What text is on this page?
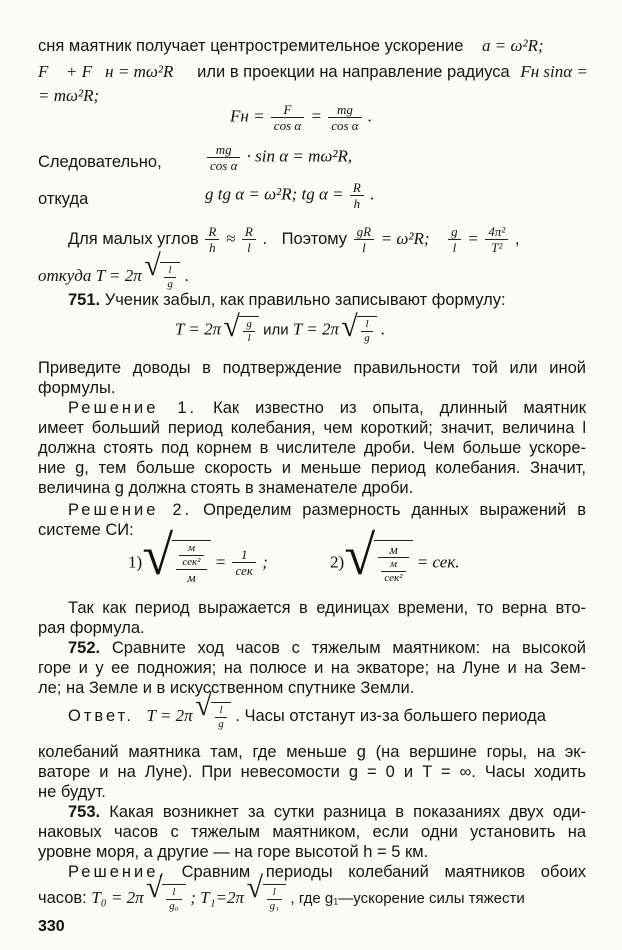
сня маятник получает центростремительное ускорение a = ω²R;
F⃗ + F⃗н = mω²R⃗ или в проекции на направление радиуса Fн sinα =
= mω²R;
Fн = $\frac{F}{\text{cos α}} = \frac{mg}{\text{cos α}}$ .
Следовательно,	$\frac{mg}{\text{cos α}} \cdot \sin \alpha = m\omega^2R$,
откуда	g tg α = ω²R; tg $\alpha = \frac{R}{h}$ .
Для малых углов $\frac{R}{h} \approx \frac{R}{l}$ . Поэтому $\frac{gR}{l} = \omega^2R$; $\frac{g}{l} = \frac{\text{4π²}}{\text{T²}}$ ,
откуда T = 2π √ $\frac{l}{g}$ .
751. Ученик забыл, как правильно записывают формулу:
T = 2π √ $\frac{g}{l}$ или T = 2π √ $\frac{l}{g}$ .
Приведите доводы в подтверждение правильности той или иной
формулы.
Решение 1. Как известно из опыта, длинный маятник
имеет больший период колебания, чем короткий; значит, величина l
должна стоять под корнем в числителе дроби. Чем больше ускоре-
ние g, тем больше скорость и меньше период колебания. Значит,
величина g должна стоять в знаменателе дроби.
Решение 2. Определим размерность данных выражений в
системе СИ:
1)	√ $\frac{\frac{м}{\text{сек²}}}{м} = \frac{1}{\text{сек}}$ ;	2)	√ $\frac{м}{\frac{м}{\text{сек²}}}$ = сек.
Так как период выражается в единицах времени, то верна вто-
рая формула.
752. Сравните ход часов с тяжелым маятником: на высокой
горе и у ее подножия; на полюсе и на экваторе; на Луне и на Зем-
ле; на Земле и в искусственном спутнике Земли.
Ответ. T = 2π √ $\frac{l}{g}$ . Часы отстанут из-за большего периода
колебаний маятника там, где меньше g (на вершине горы, на эк-
ваторе и на Луне). При невесомости g = 0 и T = ∞. Часы ходить
не будут.
753. Какая возникнет за сутки разница в показаниях двух оди-
наковых часов с тяжелым маятником, если одни установить на
уровне моря, а другие — на горе высотой h = 5 км.
Решение. Сравним периоды колебаний маятников обоих
часов: T₀ = 2π √ $\frac{l}{\text{g₀}}$ ; T₁=2π √ $\frac{l}{\text{g₁}}$ , где g₁—ускорение силы тяжести
330
